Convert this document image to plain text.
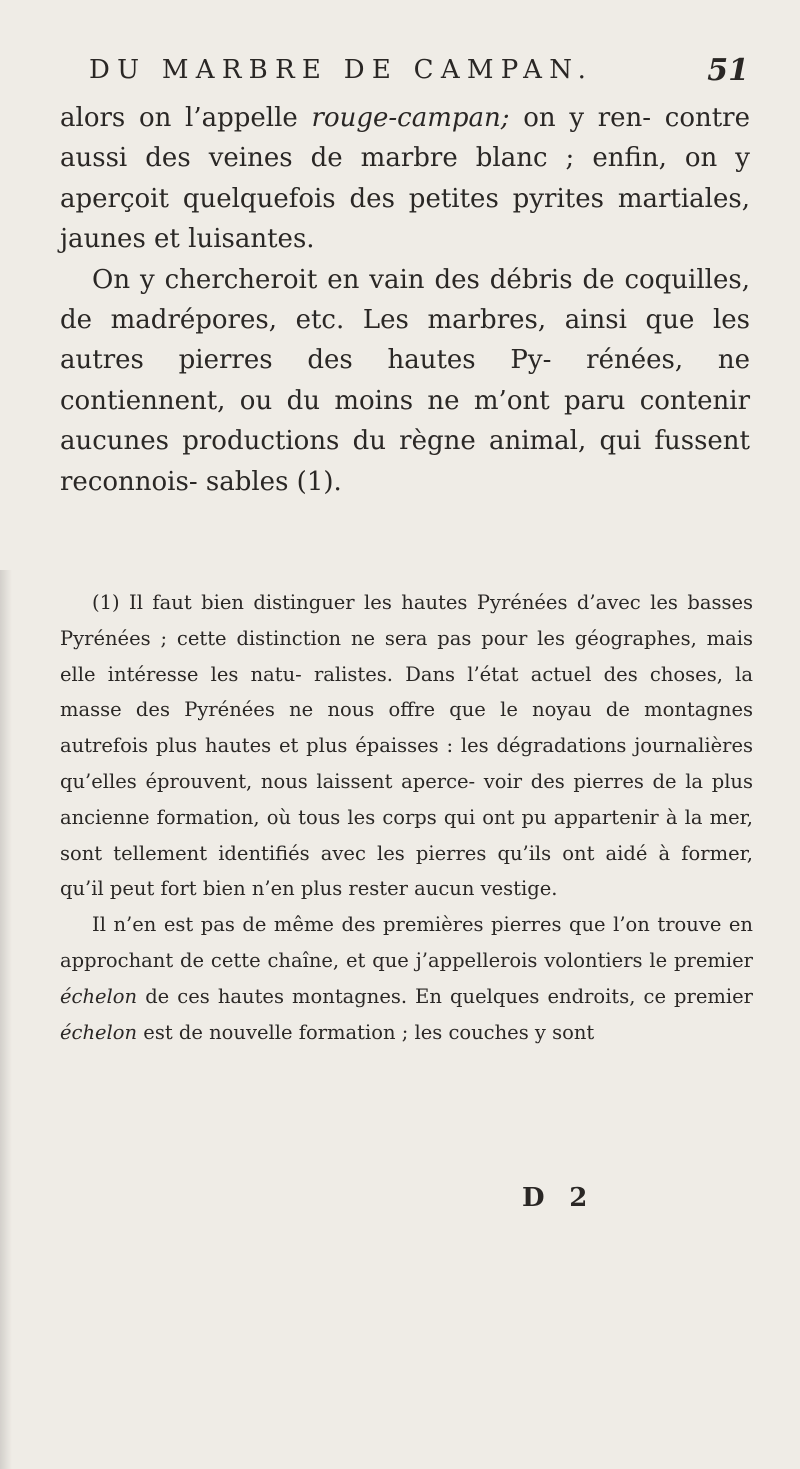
DU MARBRE DE CAMPAN.	51

alors on l’appelle rouge-campan; on y ren- contre aussi des veines de marbre blanc ; enfin, on y aperçoit quelquefois des petites pyrites martiales, jaunes et luisantes.

On y chercheroit en vain des débris de coquilles, de madrépores, etc. Les marbres, ainsi que les autres pierres des hautes Py- rénées, ne contiennent, ou du moins ne m’ont paru contenir aucunes productions du règne animal, qui fussent reconnois- sables (1).

(1) Il faut bien distinguer les hautes Pyrénées d’avec les basses Pyrénées ; cette distinction ne sera pas pour les géographes, mais elle intéresse les natu- ralistes. Dans l’état actuel des choses, la masse des Pyrénées ne nous offre que le noyau de montagnes autrefois plus hautes et plus épaisses : les dégradations journalières qu’elles éprouvent, nous laissent aperce- voir des pierres de la plus ancienne formation, où tous les corps qui ont pu appartenir à la mer, sont tellement identifiés avec les pierres qu’ils ont aidé à former, qu’il peut fort bien n’en plus rester aucun vestige.

Il n’en est pas de même des premières pierres que l’on trouve en approchant de cette chaîne, et que j’appellerois volontiers le premier échelon de ces hautes montagnes. En quelques endroits, ce premier échelon est de nouvelle formation ; les couches y sont

D 2
